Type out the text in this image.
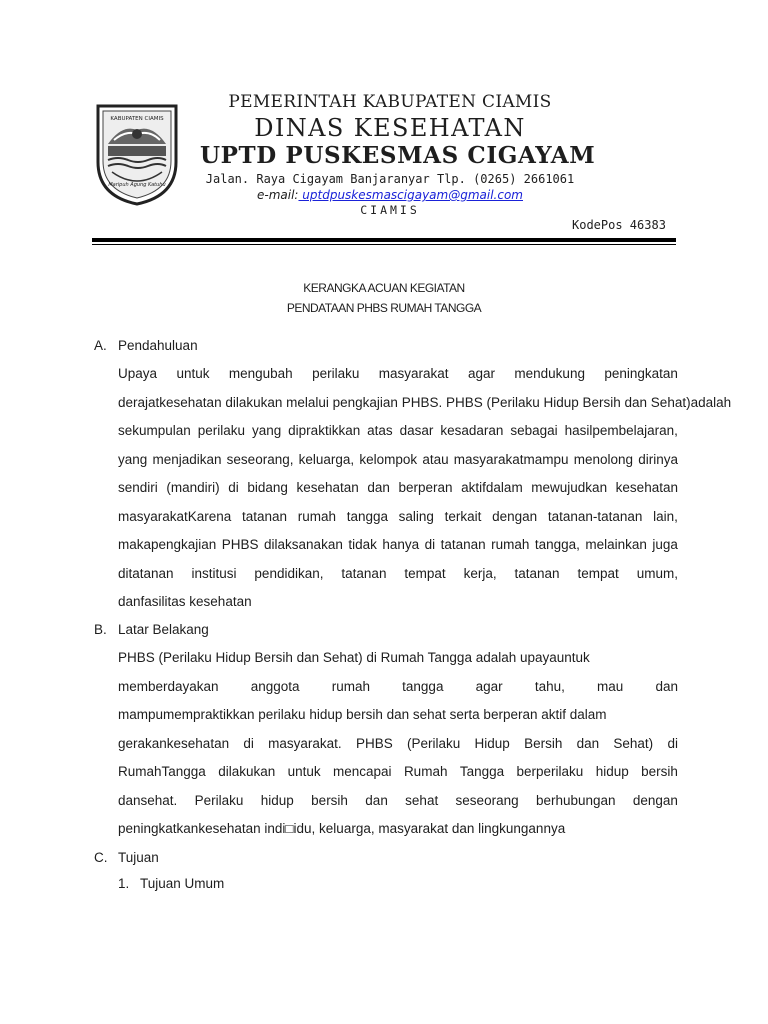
KABUPATEN CIAMIS
Maripuh Agung Katuhu
PEMERINTAH KABUPATEN CIAMIS
DINAS KESEHATAN
UPTD PUSKESMAS CIGAYAM
Jalan. Raya Cigayam Banjaranyar Tlp. (0265) 2661061
e-mail: uptdpuskesmascigayam@gmail.com
CIAMIS
KodePos 46383
KERANGKA ACUAN KEGIATAN
PENDATAAN PHBS RUMAH TANGGA
A. Pendahuluan
Upaya untuk mengubah perilaku masyarakat agar mendukung peningkatan
derajatkesehatan dilakukan melalui pengkajian PHBS. PHBS (Perilaku Hidup Bersih dan Sehat)adalah
sekumpulan perilaku yang dipraktikkan atas dasar kesadaran sebagai hasilpembelajaran,
yang menjadikan seseorang, keluarga, kelompok atau masyarakatmampu menolong dirinya
sendiri (mandiri) di bidang kesehatan dan berperan aktifdalam mewujudkan kesehatan
masyarakatKarena tatanan rumah tangga saling terkait dengan tatanan-tatanan lain,
makapengkajian PHBS dilaksanakan tidak hanya di tatanan rumah tangga, melainkan juga
ditatanan institusi pendidikan, tatanan tempat kerja, tatanan tempat umum,
danfasilitas kesehatan
B. Latar Belakang
PHBS (Perilaku Hidup Bersih dan Sehat) di Rumah Tangga adalah upayauntuk
memberdayakan anggota rumah tangga agar tahu, mau dan
mampumempraktikkan perilaku hidup bersih dan sehat serta berperan aktif dalam
gerakankesehatan di masyarakat. PHBS (Perilaku Hidup Bersih dan Sehat) di
RumahTangga dilakukan untuk mencapai Rumah Tangga berperilaku hidup bersih
dansehat. Perilaku hidup bersih dan sehat seseorang berhubungan dengan
peningkatkankesehatan indi□idu, keluarga, masyarakat dan lingkungannya
C. Tujuan
1. Tujuan Umum
